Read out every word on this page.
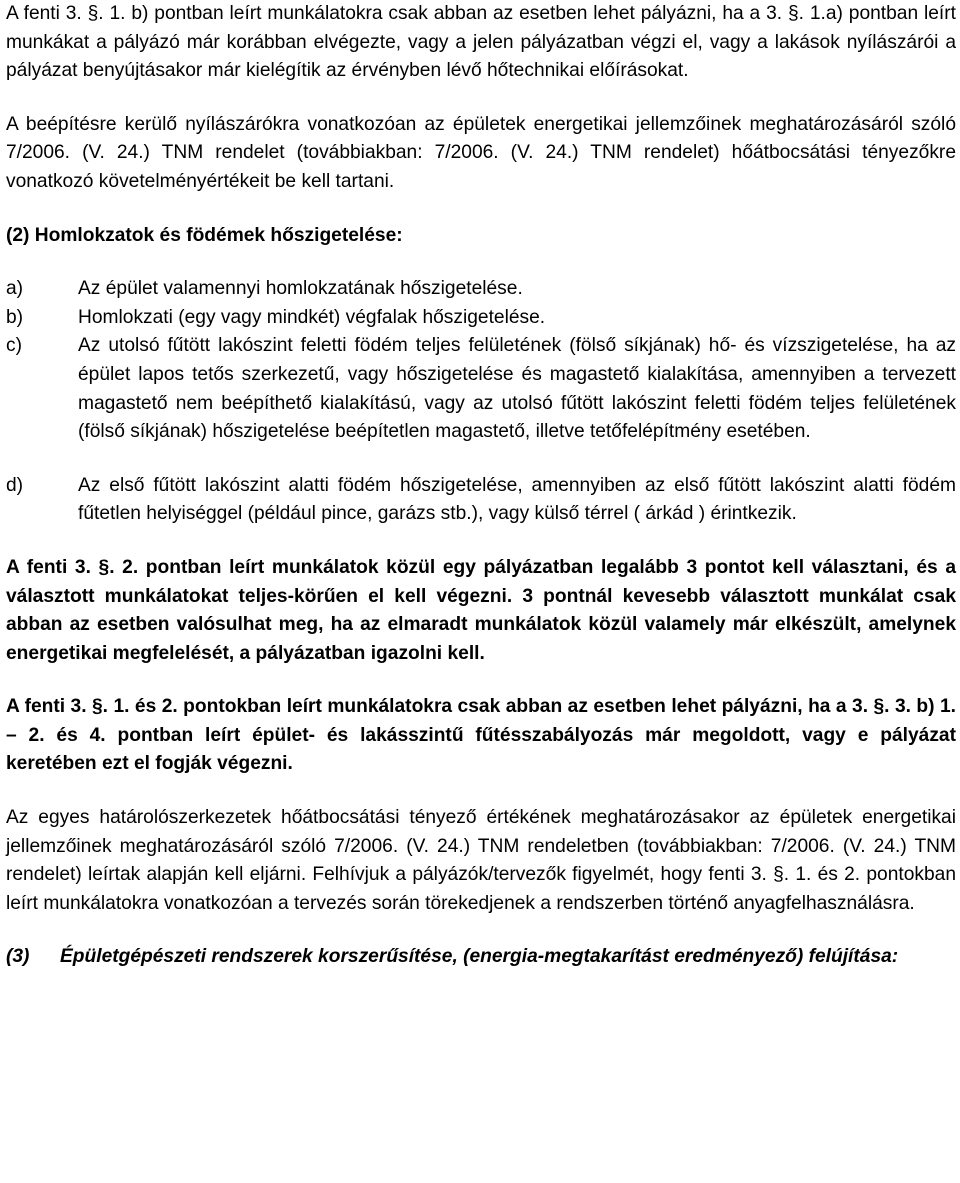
A fenti 3. §. 1. b) pontban leírt munkálatokra csak abban az esetben lehet pályázni, ha a 3. §. 1.a) pontban leírt munkákat a pályázó már korábban elvégezte, vagy a jelen pályázatban végzi el, vagy a lakások nyílászárói a pályázat benyújtásakor már kielégítik az érvényben lévő hőtechnikai előírásokat.

A beépítésre kerülő nyílászárókra vonatkozóan az épületek energetikai jellemzőinek meghatározásáról szóló 7/2006. (V. 24.) TNM rendelet (továbbiakban: 7/2006. (V. 24.) TNM rendelet) hőátbocsátási tényezőkre vonatkozó követelményértékeit be kell tartani.

(2) Homlokzatok és födémek hőszigetelése:

a)	Az épület valamennyi homlokzatának hőszigetelése.
b)	Homlokzati (egy vagy mindkét) végfalak hőszigetelése.
c)	Az utolsó fűtött lakószint feletti födém teljes felületének (fölső síkjának) hő- és vízszigetelése, ha az épület lapos tetős szerkezetű, vagy hőszigetelése és magastető kialakítása, amennyiben a tervezett magastető nem beépíthető kialakítású, vagy az utolsó fűtött lakószint feletti födém teljes felületének (fölső síkjának) hőszigetelése beépítetlen magastető, illetve tetőfelépítmény esetében.
d)	Az első fűtött lakószint alatti födém hőszigetelése, amennyiben az első fűtött lakószint alatti födém fűtetlen helyiséggel (például pince, garázs stb.), vagy külső térrel ( árkád ) érintkezik.

A fenti 3. §. 2. pontban leírt munkálatok közül egy pályázatban legalább 3 pontot kell választani, és a választott munkálatokat teljes-körűen el kell végezni. 3 pontnál kevesebb választott munkálat csak abban az esetben valósulhat meg, ha az elmaradt munkálatok közül valamely már elkészült, amelynek energetikai megfelelését, a pályázatban igazolni kell.

A fenti 3. §. 1. és 2. pontokban leírt munkálatokra csak abban az esetben lehet pályázni, ha a 3. §. 3. b) 1. – 2. és 4. pontban leírt épület- és lakásszintű fűtésszabályozás már megoldott, vagy e pályázat keretében ezt el fogják végezni.

Az egyes határolószerkezetek hőátbocsátási tényező értékének meghatározásakor az épületek energetikai jellemzőinek meghatározásáról szóló 7/2006. (V. 24.) TNM rendeletben (továbbiakban: 7/2006. (V. 24.) TNM rendelet) leírtak alapján kell eljárni. Felhívjuk a pályázók/tervezők figyelmét, hogy fenti 3. §. 1. és 2. pontokban leírt munkálatokra vonatkozóan a tervezés során törekedjenek a rendszerben történő anyagfelhasználásra.

(3)	Épületgépészeti rendszerek korszerűsítése, (energia-megtakarítást eredményező) felújítása:
